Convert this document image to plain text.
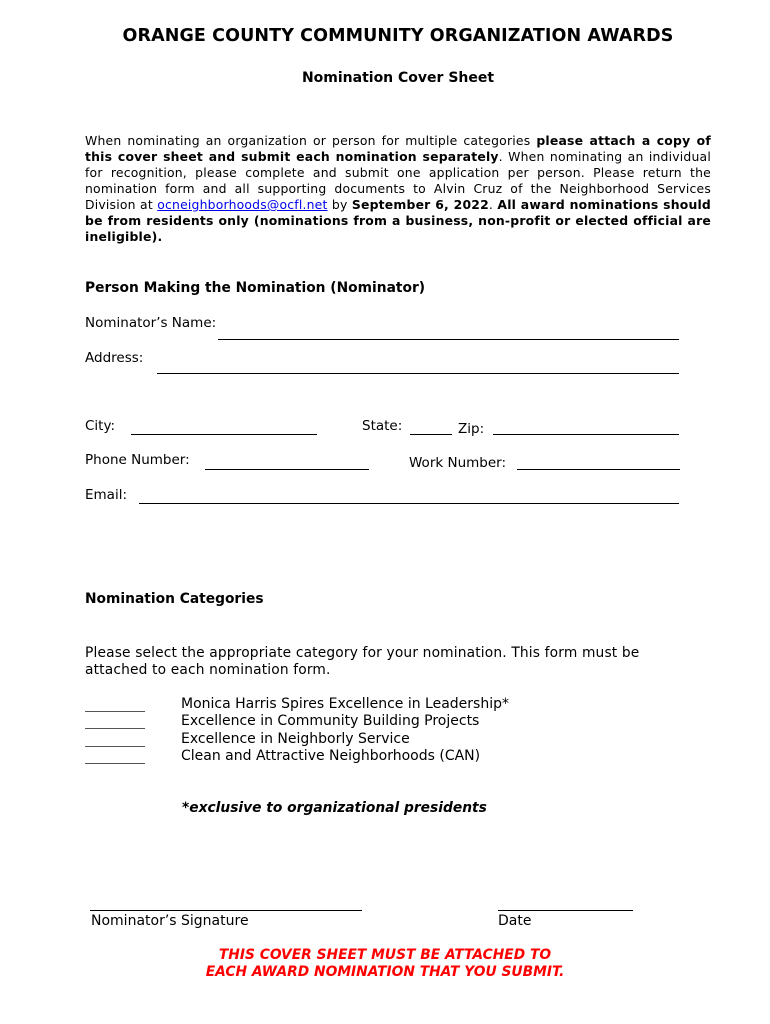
ORANGE COUNTY COMMUNITY ORGANIZATION AWARDS
Nomination Cover Sheet
When nominating an organization or person for multiple categories please attach a copy of this cover sheet and submit each nomination separately. When nominating an individual for recognition, please complete and submit one application per person. Please return the nomination form and all supporting documents to Alvin Cruz of the Neighborhood Services Division at ocneighborhoods@ocfl.net by September 6, 2022. All award nominations should be from residents only (nominations from a business, non-profit or elected official are ineligible).
Person Making the Nomination (Nominator)
Nominator’s Name:
Address:
City:	State:	Zip:
Phone Number:	Work Number:
Email:
Nomination Categories
Please select the appropriate category for your nomination. This form must be attached to each nomination form.
Monica Harris Spires Excellence in Leadership*
Excellence in Community Building Projects
Excellence in Neighborly Service
Clean and Attractive Neighborhoods (CAN)
*exclusive to organizational presidents
Nominator’s Signature	Date
THIS COVER SHEET MUST BE ATTACHED TO
EACH AWARD NOMINATION THAT YOU SUBMIT.
